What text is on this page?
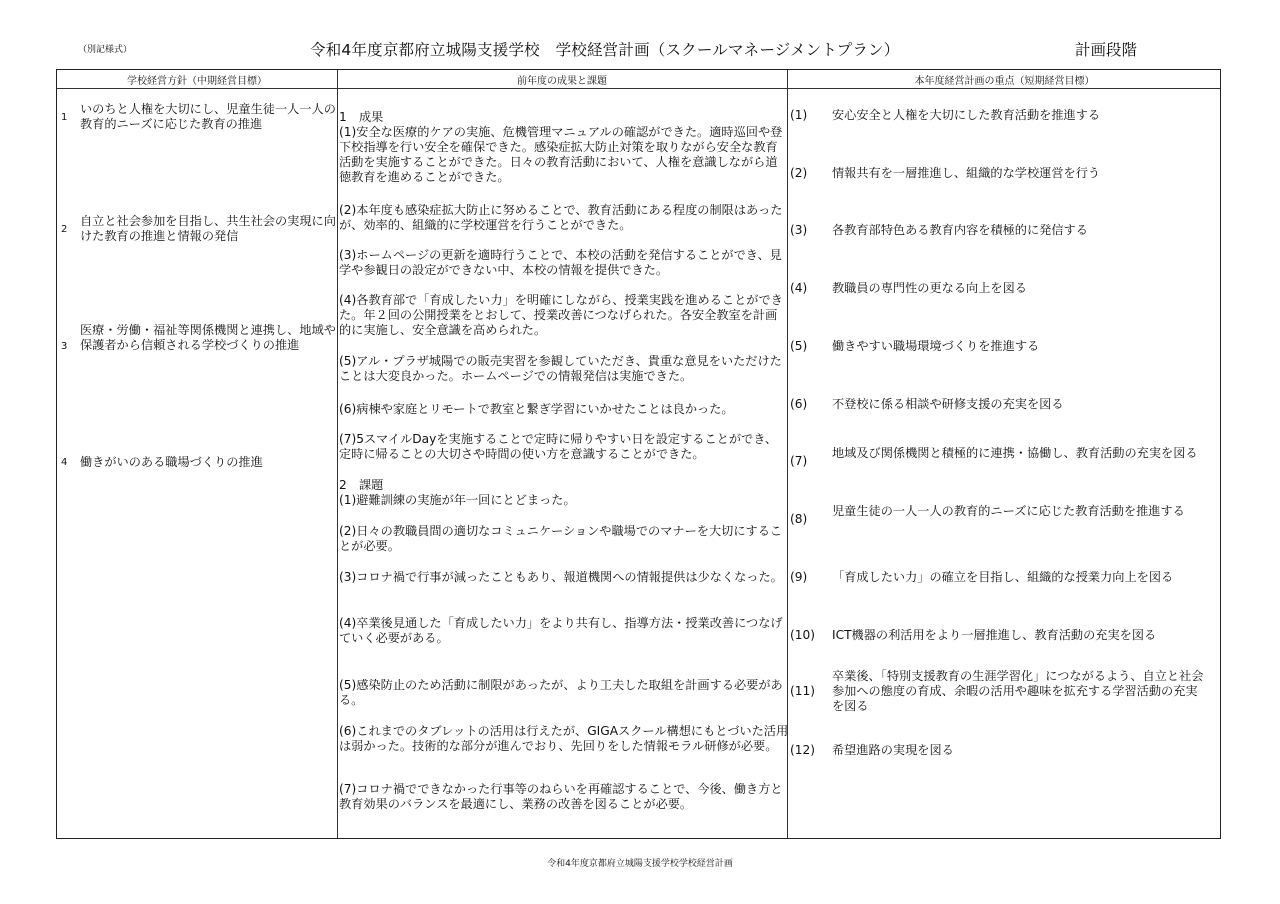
（別記様式）	令和4年度京都府立城陽支援学校　学校経営計画（スクールマネージメントプラン）	計画段階
学校経営方針（中期経営目標）	前年度の成果と課題	本年度経営計画の重点（短期経営目標）
1
いのちと人権を大切にし、児童生徒一人一人の教育的ニーズに応じた教育の推進
2
自立と社会参加を目指し、共生社会の実現に向けた教育の推進と情報の発信
3
医療・労働・福祉等関係機関と連携し、地域や保護者から信頼される学校づくりの推進
4	働きがいのある職場づくりの推進
1　成果
(1)安全な医療的ケアの実施、危機管理マニュアルの確認ができた。適時巡回や登下校指導を行い安全を確保できた。感染症拡大防止対策を取りながら安全な教育活動を実施することができた。日々の教育活動において、人権を意識しながら道徳教育を進めることができた。
(2)本年度も感染症拡大防止に努めることで、教育活動にある程度の制限はあったが、効率的、組織的に学校運営を行うことができた。
(3)ホームページの更新を適時行うことで、本校の活動を発信することができ、見学や参観日の設定ができない中、本校の情報を提供できた。
(4)各教育部で「育成したい力」を明確にしながら、授業実践を進めることができた。年２回の公開授業をとおして、授業改善につなげられた。各安全教室を計画的に実施し、安全意識を高められた。
(5)アル・プラザ城陽での販売実習を参観していただき、貴重な意見をいただけたことは大変良かった。ホームページでの情報発信は実施できた。
(6)病棟や家庭とリモートで教室と繋ぎ学習にいかせたことは良かった。
(7)5スマイルDayを実施することで定時に帰りやすい日を設定することができ、定時に帰ることの大切さや時間の使い方を意識することができた。
2　課題
(1)避難訓練の実施が年一回にとどまった。
(2)日々の教職員間の適切なコミュニケーションや職場でのマナーを大切にすることが必要。
(3)コロナ禍で行事が減ったこともあり、報道機関への情報提供は少なくなった。
(4)卒業後見通した「育成したい力」をより共有し、指導方法・授業改善につなげ
ていく必要がある。
(5)感染防止のため活動に制限があったが、より工夫した取組を計画する必要がある。
(6)これまでのタブレットの活用は行えたが、GIGAスクール構想にもとづいた活用は弱かった。技術的な部分が進んでおり、先回りをした情報モラル研修が必要。
(7)コロナ禍でできなかった行事等のねらいを再確認することで、今後、働き方と教育効果のバランスを最適にし、業務の改善を図ることが必要。
(1)	安心安全と人権を大切にした教育活動を推進する
(2)	情報共有を一層推進し、組織的な学校運営を行う
(3)	各教育部特色ある教育内容を積極的に発信する
(4)	教職員の専門性の更なる向上を図る
(5)	働きやすい職場環境づくりを推進する
(6)	不登校に係る相談や研修支援の充実を図る
(7)
地域及び関係機関と積極的に連携・協働し、教育活動の充実を図る
(8)
児童生徒の一人一人の教育的ニーズに応じた教育活動を推進する
(9)	「育成したい力」の確立を目指し、組織的な授業力向上を図る
(10)	ICT機器の利活用をより一層推進し、教育活動の充実を図る
(11)
卒業後、「特別支援教育の生涯学習化」につながるよう、自立と社会参加への態度の育成、余暇の活用や趣味を拡充する学習活動の充実を図る
(12)	希望進路の実現を図る
令和4年度京都府立城陽支援学校学校経営計画
